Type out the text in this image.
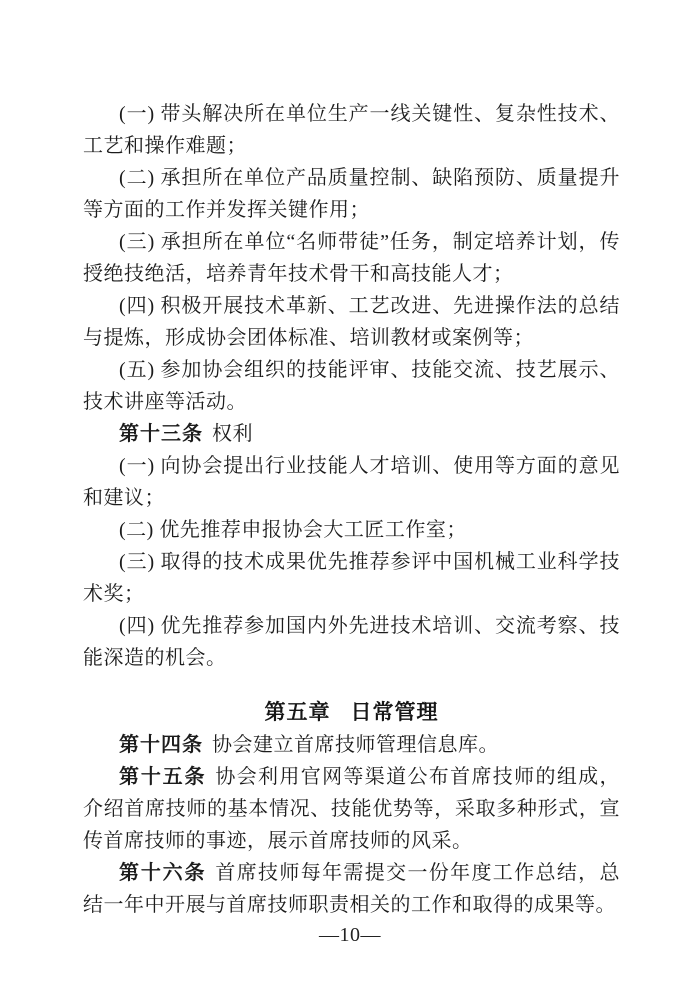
(一) 带头解决所在单位生产一线关键性、复杂性技术、工艺和操作难题；

(二) 承担所在单位产品质量控制、缺陷预防、质量提升等方面的工作并发挥关键作用；

(三) 承担所在单位“名师带徒”任务，制定培养计划，传授绝技绝活，培养青年技术骨干和高技能人才；

(四) 积极开展技术革新、工艺改进、先进操作法的总结与提炼，形成协会团体标准、培训教材或案例等；

(五) 参加协会组织的技能评审、技能交流、技艺展示、技术讲座等活动。

第十三条 权利

(一) 向协会提出行业技能人才培训、使用等方面的意见和建议；

(二) 优先推荐申报协会大工匠工作室；

(三) 取得的技术成果优先推荐参评中国机械工业科学技术奖；

(四) 优先推荐参加国内外先进技术培训、交流考察、技能深造的机会。

第五章 日常管理

第十四条 协会建立首席技师管理信息库。

第十五条 协会利用官网等渠道公布首席技师的组成，介绍首席技师的基本情况、技能优势等，采取多种形式，宣传首席技师的事迹，展示首席技师的风采。

第十六条 首席技师每年需提交一份年度工作总结，总结一年中开展与首席技师职责相关的工作和取得的成果等。

—10—
